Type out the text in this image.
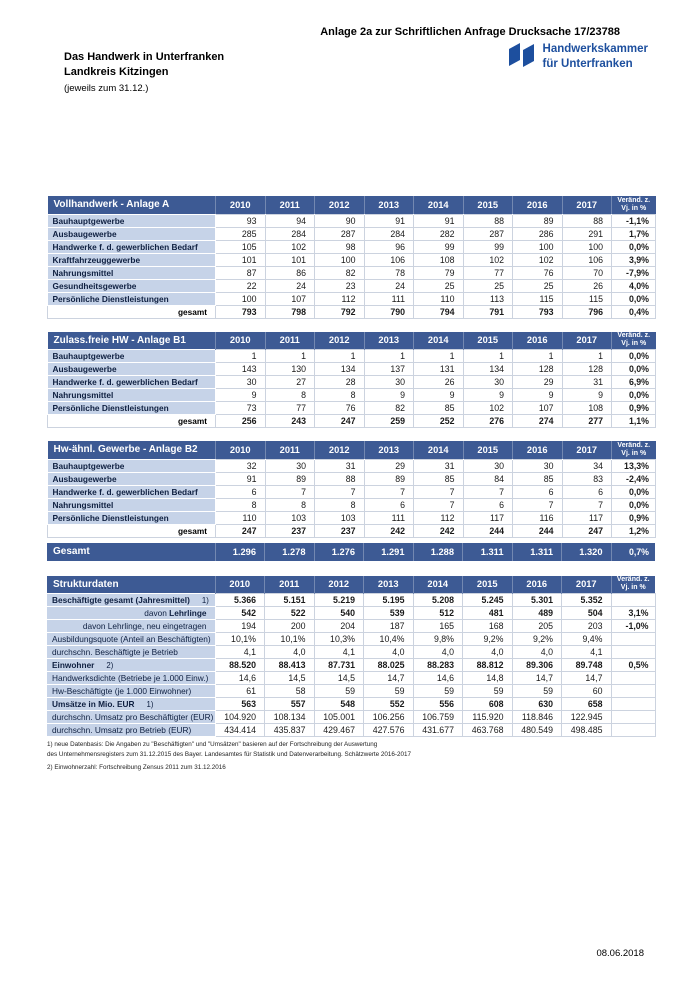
Anlage 2a zur Schriftlichen Anfrage Drucksache 17/23788
Handwerkskammer
für Unterfranken
Das Handwerk in Unterfranken
Landkreis Kitzingen
(jeweils zum 31.12.)
Vollhandwerk - Anlage A	2010	2011	2012	2013	2014	2015	2016	2017	Veränd. z.
Vj. in %
Bauhauptgewerbe	93	94	90	91	91	88	89	88	-1,1%
Ausbaugewerbe	285	284	287	284	282	287	286	291	1,7%
Handwerke f. d. gewerblichen Bedarf	105	102	98	96	99	99	100	100	0,0%
Kraftfahrzeuggewerbe	101	101	100	106	108	102	102	106	3,9%
Nahrungsmittel	87	86	82	78	79	77	76	70	-7,9%
Gesundheitsgewerbe	22	24	23	24	25	25	25	26	4,0%
Persönliche Dienstleistungen	100	107	112	111	110	113	115	115	0,0%
gesamt	793	798	792	790	794	791	793	796	0,4%
Zulass.freie HW - Anlage B1	2010	2011	2012	2013	2014	2015	2016	2017	Veränd. z.
Vj. in %
Bauhauptgewerbe	1	1	1	1	1	1	1	1	0,0%
Ausbaugewerbe	143	130	134	137	131	134	128	128	0,0%
Handwerke f. d. gewerblichen Bedarf	30	27	28	30	26	30	29	31	6,9%
Nahrungsmittel	9	8	8	9	9	9	9	9	0,0%
Persönliche Dienstleistungen	73	77	76	82	85	102	107	108	0,9%
gesamt	256	243	247	259	252	276	274	277	1,1%
Hw-ähnl. Gewerbe - Anlage B2	2010	2011	2012	2013	2014	2015	2016	2017	Veränd. z.
Vj. in %
Bauhauptgewerbe	32	30	31	29	31	30	30	34	13,3%
Ausbaugewerbe	91	89	88	89	85	84	85	83	-2,4%
Handwerke f. d. gewerblichen Bedarf	6	7	7	7	7	7	6	6	0,0%
Nahrungsmittel	8	8	8	6	7	6	7	7	0,0%
Persönliche Dienstleistungen	110	103	103	111	112	117	116	117	0,9%
gesamt	247	237	237	242	242	244	244	247	1,2%
Gesamt	1.296	1.278	1.276	1.291	1.288	1.311	1.311	1.320	0,7%
Strukturdaten	2010	2011	2012	2013	2014	2015	2016	2017	Veränd. z.
Vj. in %
Beschäftigte gesamt (Jahresmittel) 1)	5.366	5.151	5.219	5.195	5.208	5.245	5.301	5.352	
davon Lehrlinge	542	522	540	539	512	481	489	504	3,1%
davon Lehrlinge, neu eingetragen	194	200	204	187	165	168	205	203	-1,0%
Ausbildungsquote (Anteil an Beschäftigten)	10,1%	10,1%	10,3%	10,4%	9,8%	9,2%	9,2%	9,4%	
durchschn. Beschäftigte je Betrieb	4,1	4,0	4,1	4,0	4,0	4,0	4,0	4,1	
Einwohner 2)	88.520	88.413	87.731	88.025	88.283	88.812	89.306	89.748	0,5%
Handwerksdichte (Betriebe je 1.000 Einw.)	14,6	14,5	14,5	14,7	14,6	14,8	14,7	14,7	
Hw-Beschäftigte (je 1.000 Einwohner)	61	58	59	59	59	59	59	60	
Umsätze in Mio. EUR 1)	563	557	548	552	556	608	630	658	
durchschn. Umsatz pro Beschäftigter (EUR)	104.920	108.134	105.001	106.256	106.759	115.920	118.846	122.945	
durchschn. Umsatz pro Betrieb (EUR)	434.414	435.837	429.467	427.576	431.677	463.768	480.549	498.485	
1) neue Datenbasis: Die Angaben zu "Beschäftigten" und "Umsätzen" basieren auf der Fortschreibung der Auswertung
des Unternehmensregisters zum 31.12.2015 des Bayer. Landesamtes für Statistik und Datenverarbeitung. Schätzwerte 2016-2017
2) Einwohnerzahl: Fortschreibung Zensus 2011 zum 31.12.2016
08.06.2018
